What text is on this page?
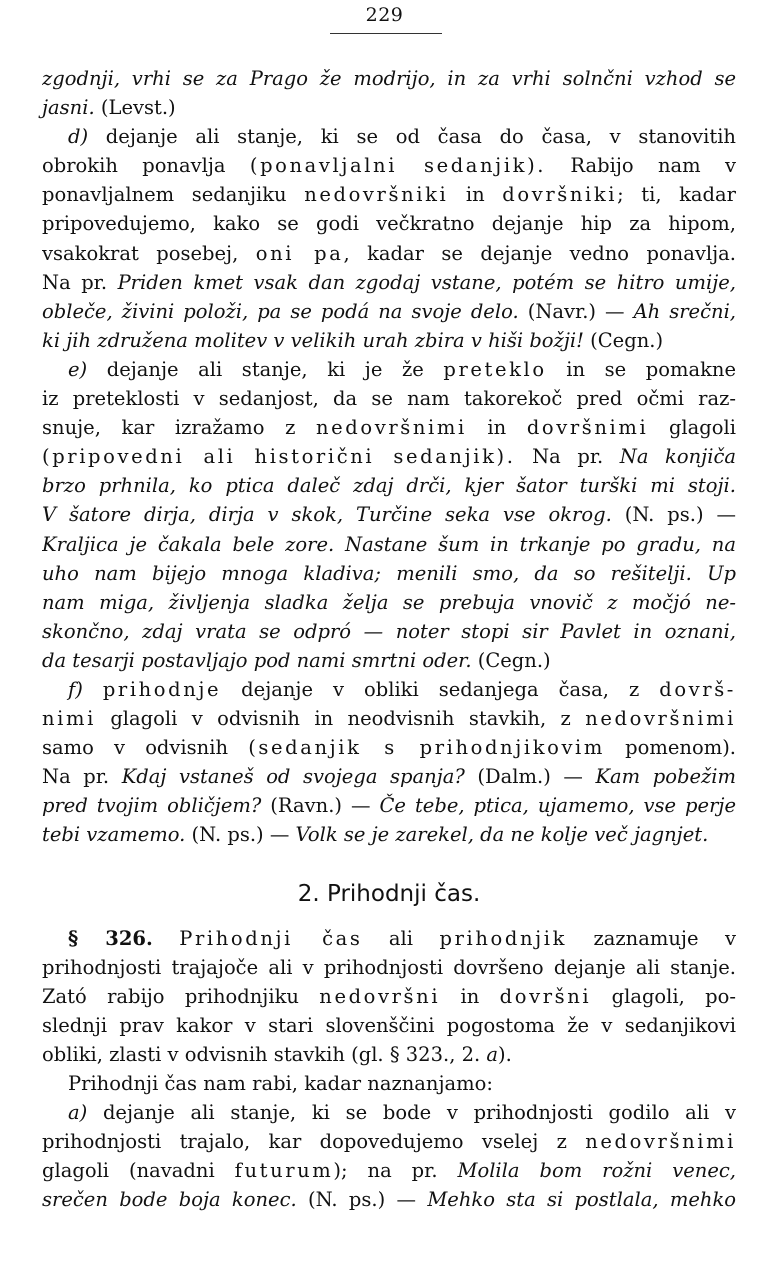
229
zgodnji, vrhi se za Prago že modrijo, in za vrhi solnčni vzhod se
jasni. (Levst.)
d) dejanje ali stanje, ki se od časa do časa, v stanovitih
obrokih ponavlja (ponavljalni sedanjik). Rabijo nam v
ponavljalnem sedanjiku nedovršniki in dovršniki; ti, kadar
pripovedujemo, kako se godi večkratno dejanje hip za hipom,
vsakokrat posebej, oni pa, kadar se dejanje vedno ponavlja.
Na pr. Priden kmet vsak dan zgodaj vstane, potém se hitro umije,
obleče, živini položi, pa se podá na svoje delo. (Navr.) — Ah srečni,
ki jih združena molitev v velikih urah zbira v hiši božji! (Cegn.)
e) dejanje ali stanje, ki je že preteklo in se pomakne
iz preteklosti v sedanjost, da se nam takorekoč pred očmi raz-
snuje, kar izražamo z nedovršnimi in dovršnimi glagoli
(pripovedni ali historični sedanjik). Na pr. Na konjiča
brzo prhnila, ko ptica daleč zdaj drči, kjer šator turški mi stoji.
V šatore dirja, dirja v skok, Turčine seka vse okrog. (N. ps.) —
Kraljica je čakala bele zore. Nastane šum in trkanje po gradu, na
uho nam bijejo mnoga kladiva; menili smo, da so rešitelji. Up
nam miga, življenja sladka želja se prebuja vnovič z močjó ne-
skončno, zdaj vrata se odpró — noter stopi sir Pavlet in oznani,
da tesarji postavljajo pod nami smrtni oder. (Cegn.)
f) prihodnje dejanje v obliki sedanjega časa, z dovrš-
nimi glagoli v odvisnih in neodvisnih stavkih, z nedovršnimi
samo v odvisnih (sedanjik s prihodnjikovim pomenom).
Na pr. Kdaj vstaneš od svojega spanja? (Dalm.) — Kam pobežim
pred tvojim obličjem? (Ravn.) — Če tebe, ptica, ujamemo, vse perje
tebi vzamemo. (N. ps.) — Volk se je zarekel, da ne kolje več jagnjet.
2. Prihodnji čas.
§ 326. Prihodnji čas ali prihodnjik zaznamuje v
prihodnjosti trajajoče ali v prihodnjosti dovršeno dejanje ali stanje.
Zató rabijo prihodnjiku nedovršni in dovršni glagoli, po-
slednji prav kakor v stari slovenščini pogostoma že v sedanjikovi
obliki, zlasti v odvisnih stavkih (gl. § 323., 2. a).
Prihodnji čas nam rabi, kadar naznanjamo:
a) dejanje ali stanje, ki se bode v prihodnjosti godilo ali v
prihodnjosti trajalo, kar dopovedujemo vselej z nedovršnimi
glagoli (navadni futurum); na pr. Molila bom rožni venec,
srečen bode boja konec. (N. ps.) — Mehko sta si postlala, mehko
